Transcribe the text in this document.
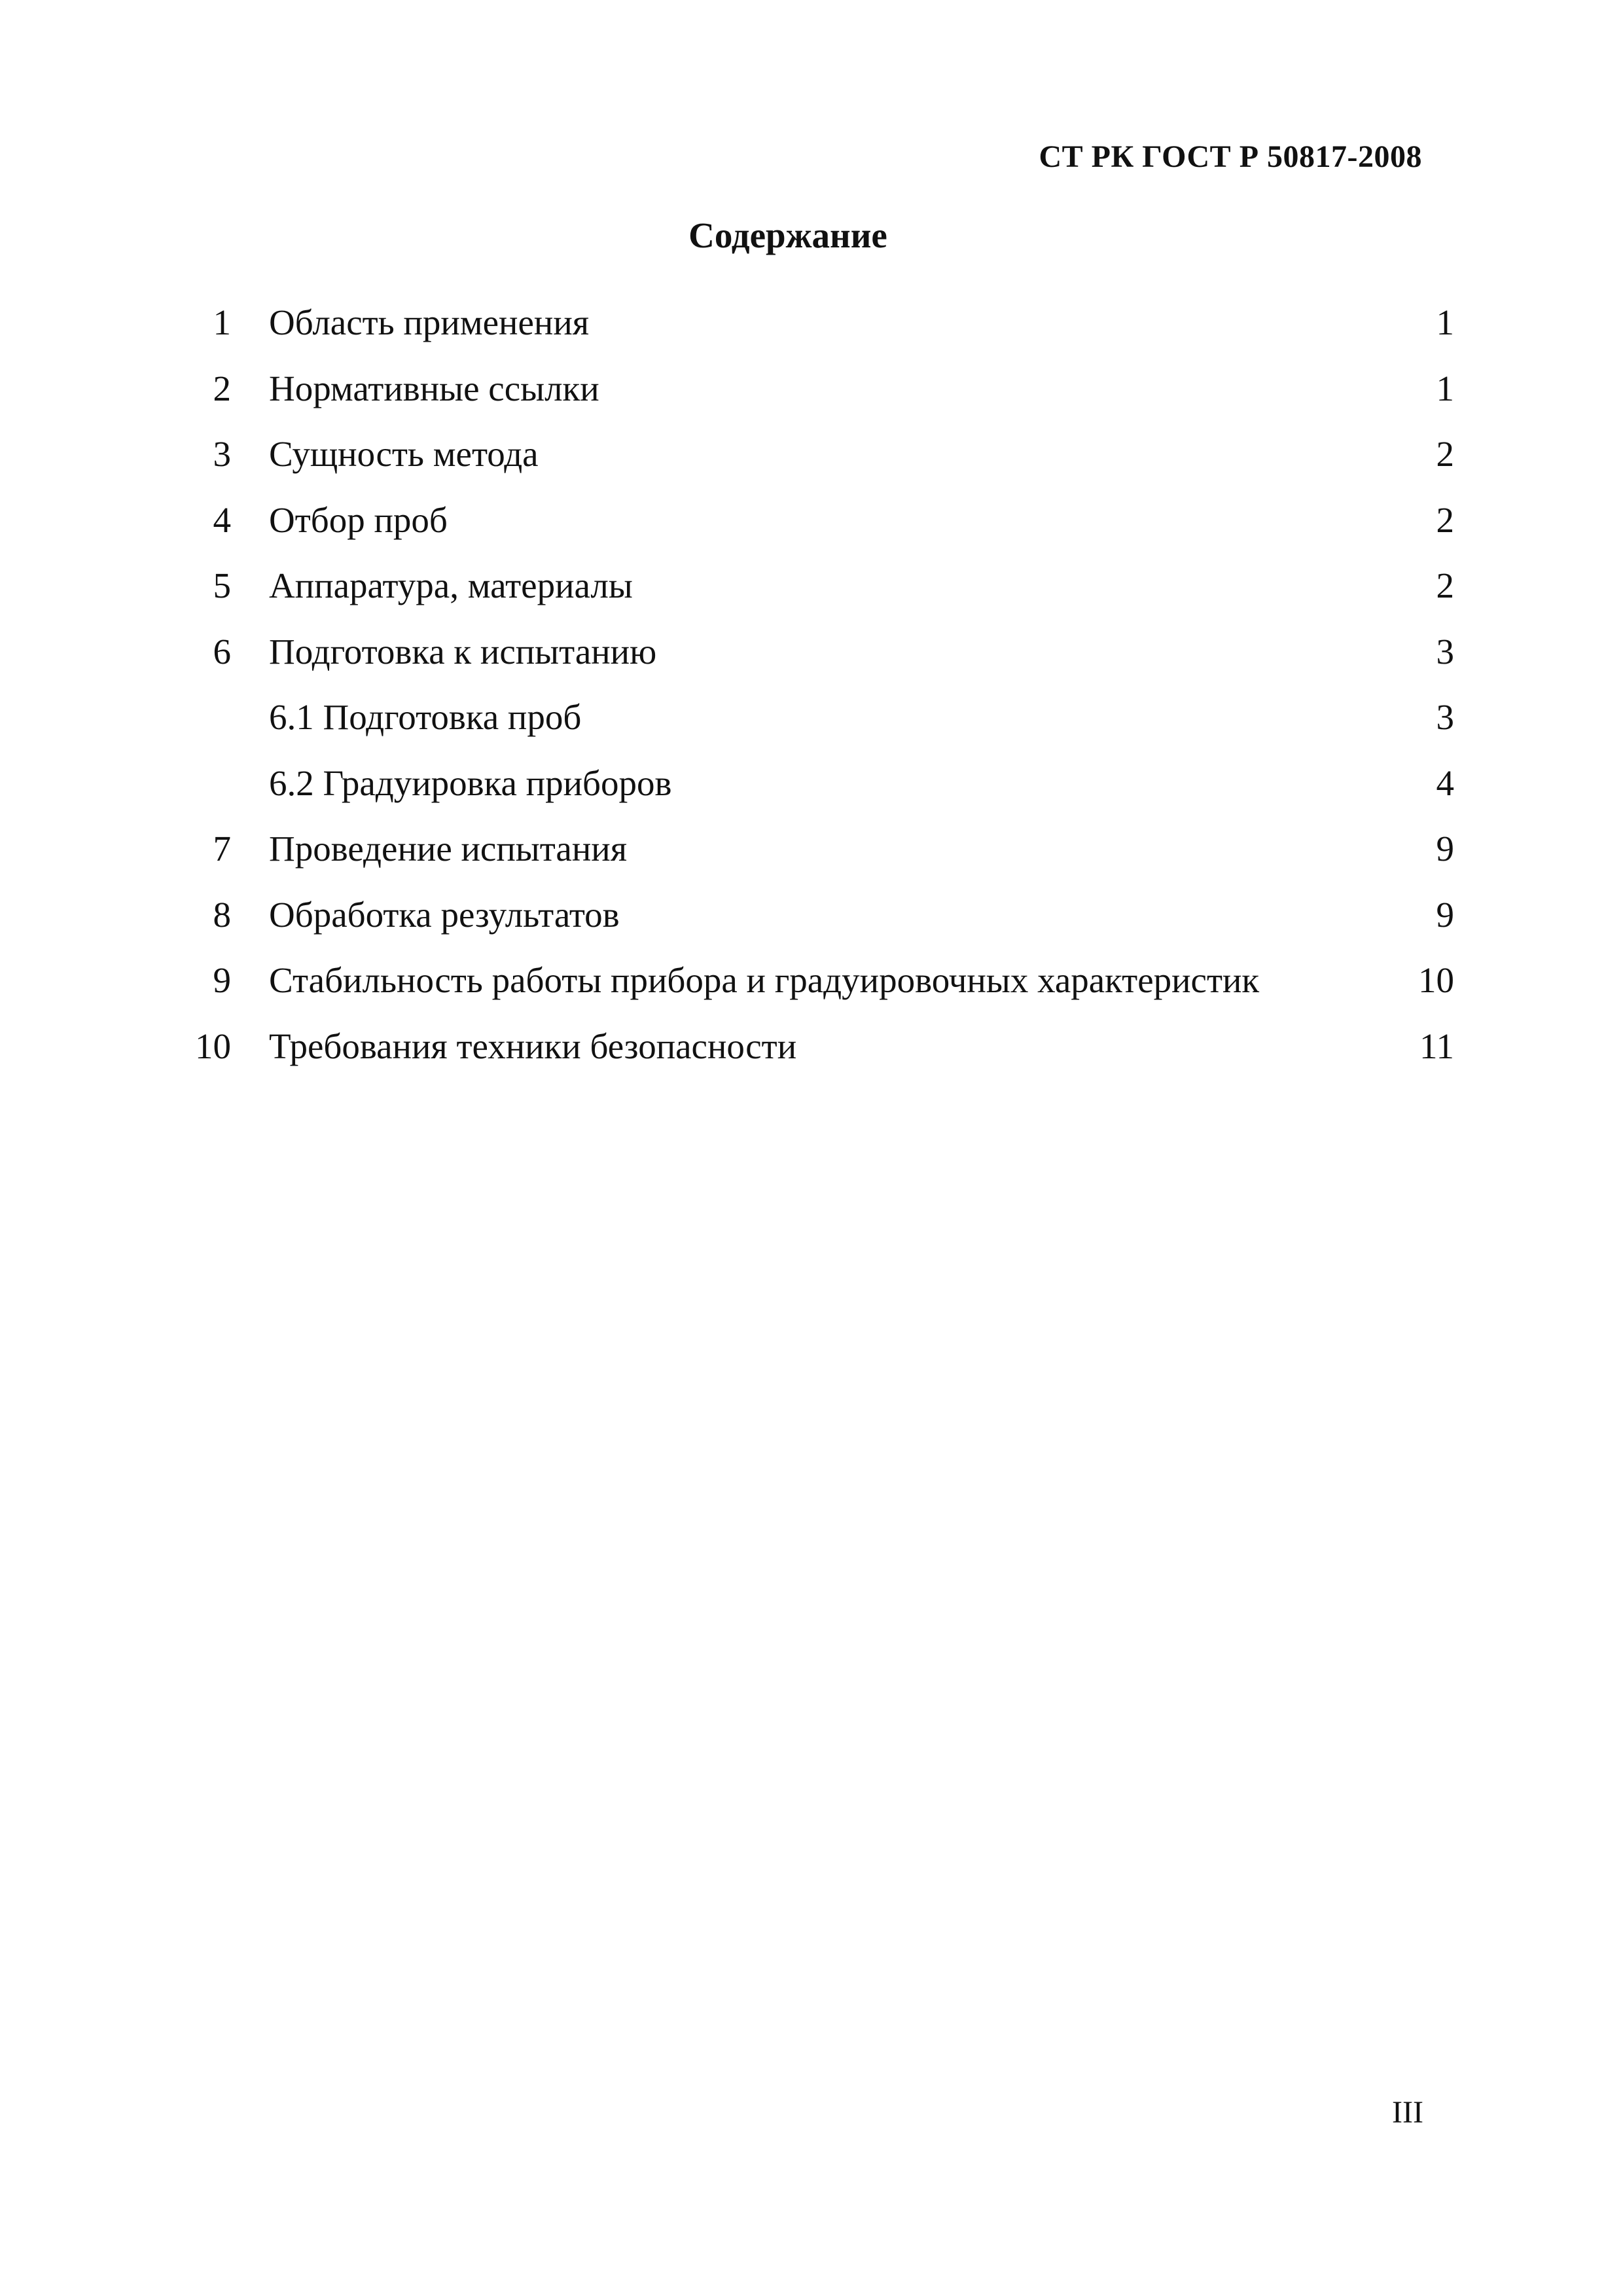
СТ РК ГОСТ Р 50817-2008
Содержание
1 Область применения	1
2 Нормативные ссылки	1
3 Сущность метода	2
4 Отбор проб	2
5 Аппаратура, материалы	2
6 Подготовка к испытанию	3
6.1 Подготовка проб	3
6.2 Градуировка приборов	4
7 Проведение испытания	9
8 Обработка результатов	9
9 Стабильность работы прибора и градуировочных характеристик	10
10 Требования техники безопасности	11
III
